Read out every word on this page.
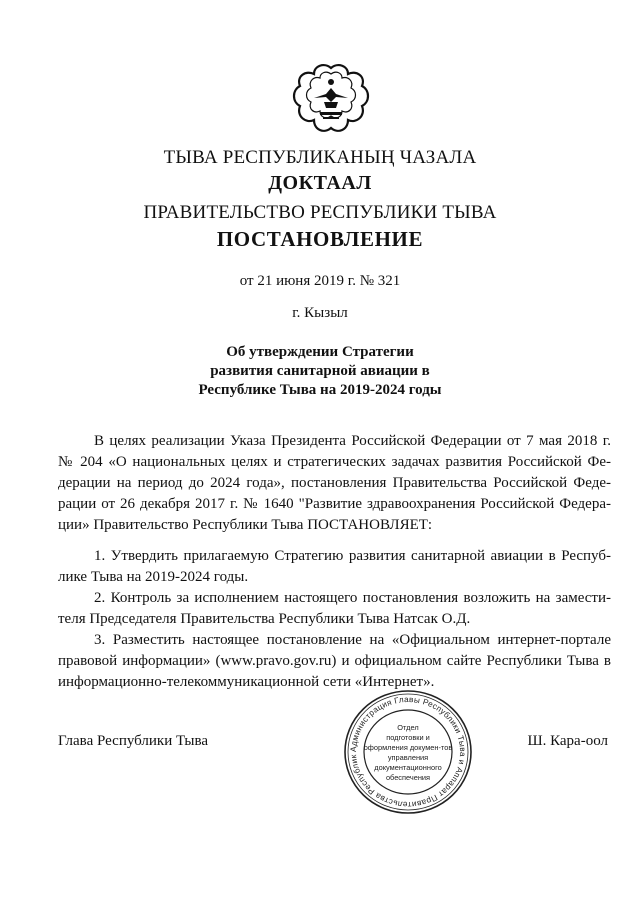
ТЫВА РЕСПУБЛИКАНЫҢ ЧАЗАЛА
ДОКТААЛ
ПРАВИТЕЛЬСТВО РЕСПУБЛИКИ ТЫВА
ПОСТАНОВЛЕНИЕ
от 21 июня 2019 г. № 321
г. Кызыл
Об утверждении Стратегии
развития санитарной авиации в
Республике Тыва на 2019-2024 годы
В целях реализации Указа Президента Российской Федерации от 7 мая 2018 г.
№ 204 «О национальных целях и стратегических задачах развития Российской Фе-
дерации на период до 2024 года», постановления Правительства Российской Феде-
рации от 26 декабря 2017 г. № 1640 "Развитие здравоохранения Российской Федера-
ции» Правительство Республики Тыва ПОСТАНОВЛЯЕТ:
1. Утвердить прилагаемую Стратегию развития санитарной авиации в Респуб-
лике Тыва на 2019-2024 годы.
2. Контроль за исполнением настоящего постановления возложить на замести-
теля Председателя Правительства Республики Тыва Натсак О.Д.
3. Разместить настоящее постановление на «Официальном интернет-портале
правовой информации» (www.pravo.gov.ru) и официальном сайте Республики Тыва в
информационно-телекоммуникационной сети «Интернет».
Глава Республики Тыва	Ш. Кара-оол
Администрация Главы Республики Тыва и Аппарат Правительства Республик
Отдел
подготовки и
оформления докумен-тов
управления
документационного
обеспечения
